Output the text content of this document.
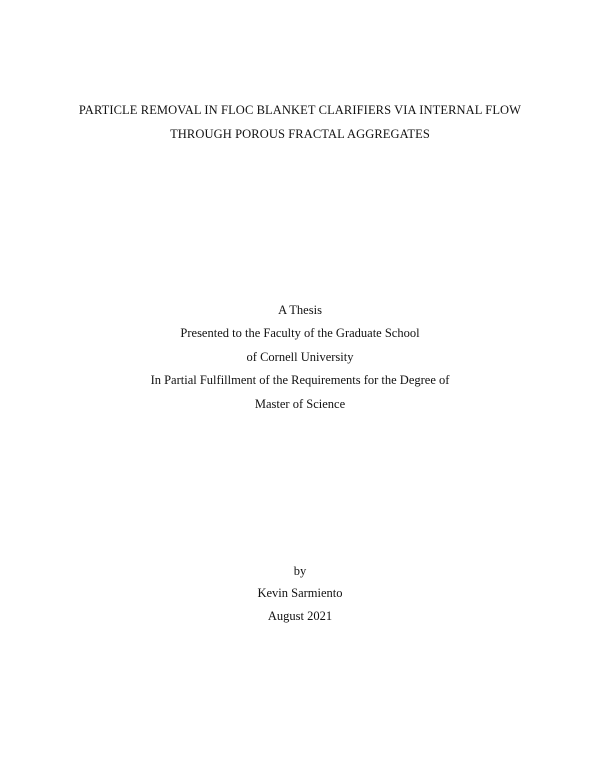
PARTICLE REMOVAL IN FLOC BLANKET CLARIFIERS VIA INTERNAL FLOW
THROUGH POROUS FRACTAL AGGREGATES
A Thesis
Presented to the Faculty of the Graduate School
of Cornell University
In Partial Fulfillment of the Requirements for the Degree of
Master of Science
by
Kevin Sarmiento
August 2021
